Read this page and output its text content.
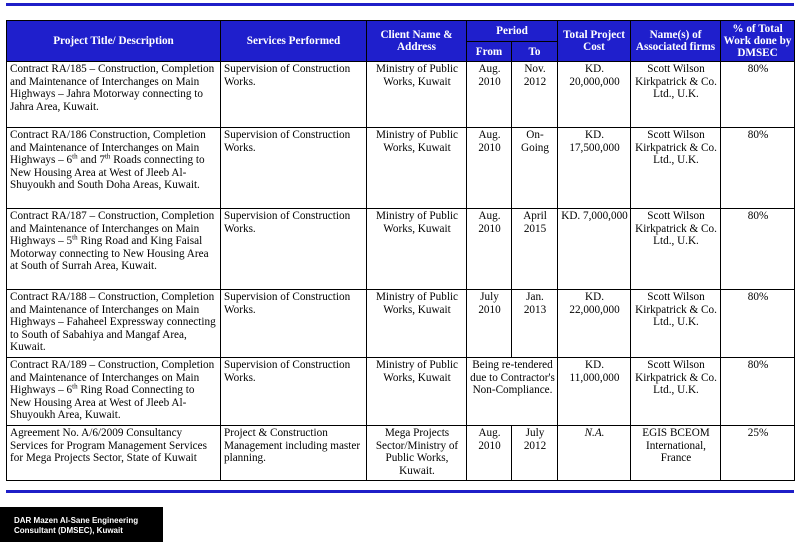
Project Title/ Description	Services Performed	Client Name & Address	Period		Total Project Cost	Name(s) of Associated firms	% of Total Work done by DMSEC
			From	To			
Contract RA/185 – Construction, Completion and Maintenance of Interchanges on Main Highways – Jahra Motorway connecting to Jahra Area, Kuwait.	Supervision of Construction Works.	Ministry of Public Works, Kuwait	Aug. 2010	Nov. 2012	KD. 20,000,000	Scott Wilson Kirkpatrick & Co. Ltd., U.K.	80%
Contract RA/186 Construction, Completion and Maintenance of Interchanges on Main Highways – 6th and 7th Roads connecting to New Housing Area at West of Jleeb Al-Shuyoukh and South Doha Areas, Kuwait.	Supervision of Construction Works.	Ministry of Public Works, Kuwait	Aug. 2010	On-Going	KD. 17,500,000	Scott Wilson Kirkpatrick & Co. Ltd., U.K.	80%
Contract RA/187 – Construction, Completion and Maintenance of Interchanges on Main Highways – 5th Ring Road and King Faisal Motorway connecting to New Housing Area at South of Surrah Area, Kuwait.	Supervision of Construction Works.	Ministry of Public Works, Kuwait	Aug. 2010	April 2015	KD. 7,000,000	Scott Wilson Kirkpatrick & Co. Ltd., U.K.	80%
Contract RA/188 – Construction, Completion and Maintenance of Interchanges on Main Highways – Fahaheel Expressway connecting to South of Sabahiya and Mangaf Area, Kuwait.	Supervision of Construction Works.	Ministry of Public Works, Kuwait	July 2010	Jan. 2013	KD. 22,000,000	Scott Wilson Kirkpatrick & Co. Ltd., U.K.	80%
Contract RA/189 – Construction, Completion and Maintenance of Interchanges on Main Highways – 6th Ring Road Connecting to New Housing Area at West of Jleeb Al-Shuyoukh Area, Kuwait.	Supervision of Construction Works.	Ministry of Public Works, Kuwait	Being re-tendered due to Contractor's Non-Compliance.		KD. 11,000,000	Scott Wilson Kirkpatrick & Co. Ltd., U.K.	80%
Agreement No. A/6/2009 Consultancy Services for Program Management Services for Mega Projects Sector, State of Kuwait	Project & Construction Management including master planning.	Mega Projects Sector/Ministry of Public Works, Kuwait.	Aug. 2010	July 2012	N.A.	EGIS BCEOM International, France	25%
DAR Mazen Al-Sane Engineering
Consultant (DMSEC), Kuwait
